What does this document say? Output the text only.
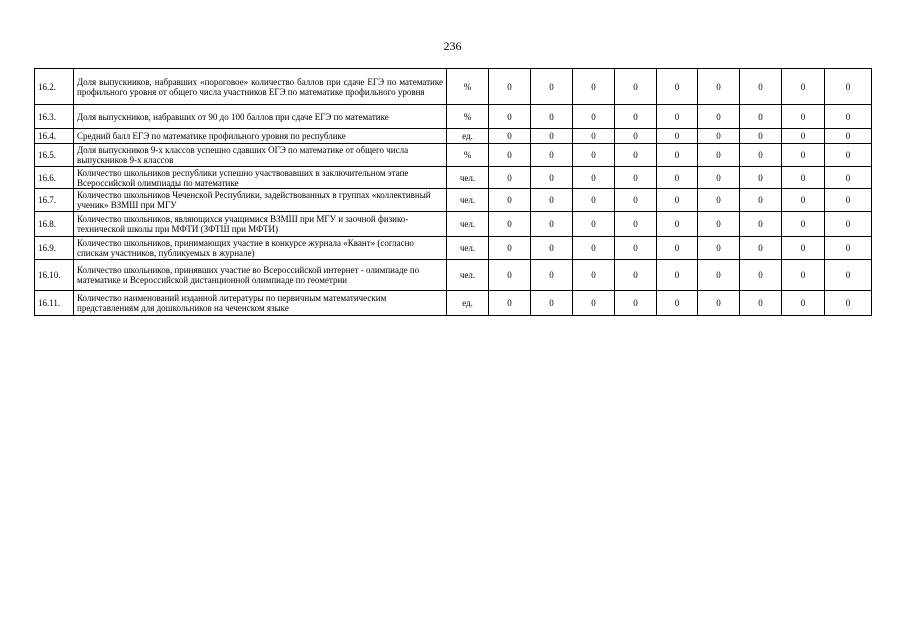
236
16.2.	Доля выпускников, набравших «пороговое» количество баллов при сдаче ЕГЭ по математике профильного уровня от общего числа участников ЕГЭ по математике профильного уровня	%	0	0	0	0	0	0	0	0	0
16.3.	Доля выпускников, набравших от 90 до 100 баллов при сдаче ЕГЭ по математике	%	0	0	0	0	0	0	0	0	0
16.4.	Средний балл ЕГЭ по математике профильного уровня по республике	ед.	0	0	0	0	0	0	0	0	0
16.5.	Доля выпускников 9-х классов успешно сдавших ОГЭ по математике от общего числа выпускников 9-х классов	%	0	0	0	0	0	0	0	0	0
16.6.	Количество школьников республики успешно участвовавших в заключительном этапе Всероссийской олимпиады по математике	чел.	0	0	0	0	0	0	0	0	0
16.7.	Количество школьников Чеченской Республики, задействованных в группах «коллективный ученик» ВЗМШ при МГУ	чел.	0	0	0	0	0	0	0	0	0
16.8.	Количество школьников, являющихся учащимися ВЗМШ при МГУ и заочной физико-технической школы при МФТИ (ЗФТШ при МФТИ)	чел.	0	0	0	0	0	0	0	0	0
16.9.	Количество школьников, принимающих участие в конкурсе журнала «Квант» (согласно спискам участников, публикуемых в журнале)	чел.	0	0	0	0	0	0	0	0	0
16.10.	Количество школьников, принявших участие во Всероссийской интернет - олимпиаде по математике и Всероссийской дистанционной олимпиаде по геометрии	чел.	0	0	0	0	0	0	0	0	0
16.11.	Количество наименований изданной литературы по первичным математическим представлениям для дошкольников на чеченском языке	ед.	0	0	0	0	0	0	0	0	0
